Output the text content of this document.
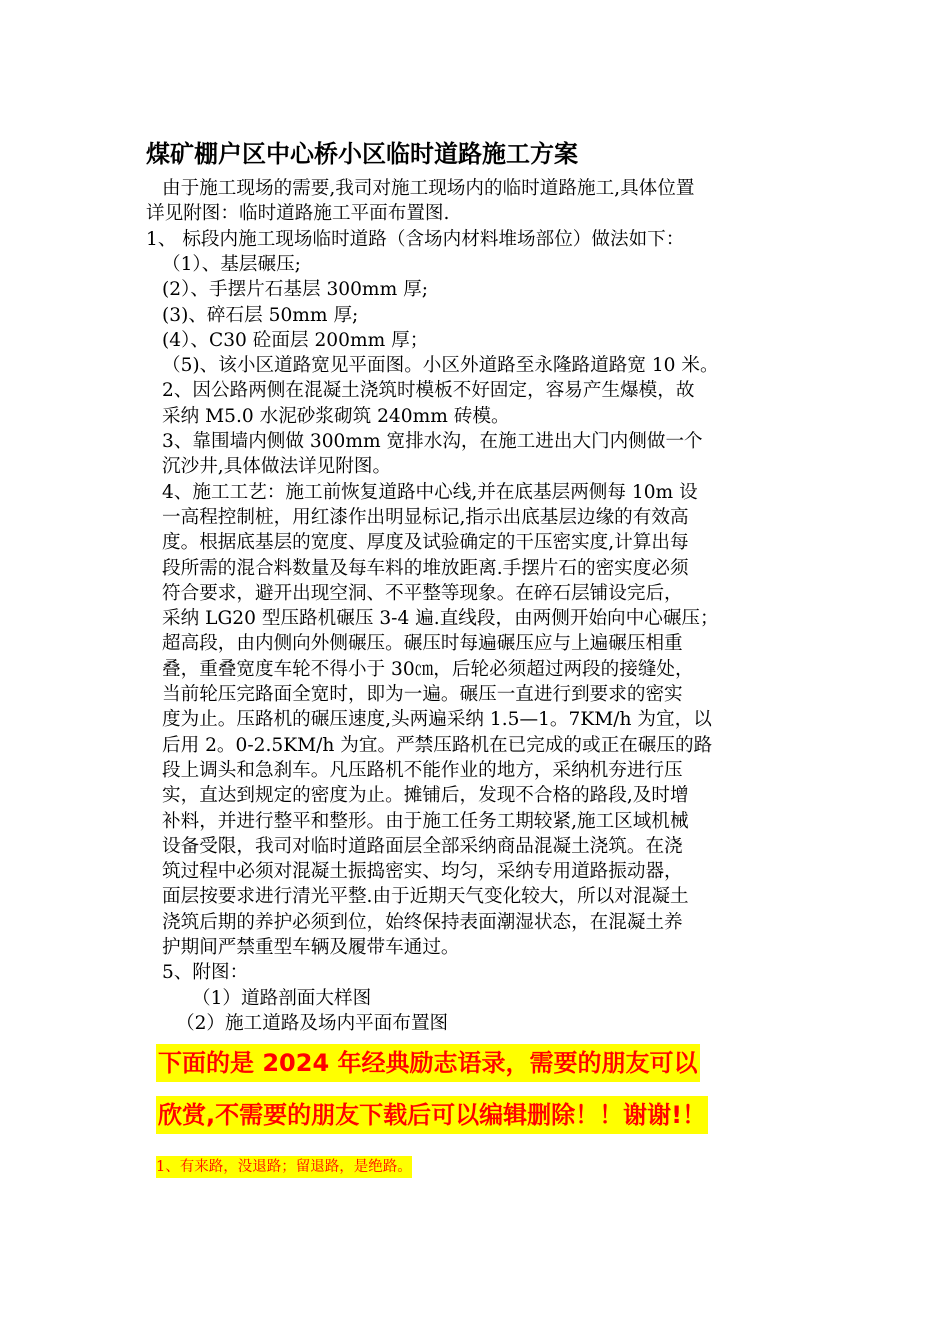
煤矿棚户区中心桥小区临时道路施工方案
由于施工现场的需要,我司对施工现场内的临时道路施工,具体位置
详见附图：临时道路施工平面布置图.
1、 标段内施工现场临时道路（含场内材料堆场部位）做法如下：
（1）、基层碾压;
(2）、手摆片石基层 300mm 厚;
(3)、碎石层 50mm 厚;
(4）、C30 砼面层 200mm 厚；
（5)、该小区道路宽见平面图。小区外道路至永隆路道路宽 10 米。
2、因公路两侧在混凝土浇筑时模板不好固定，容易产生爆模，故
采纳 M5.0 水泥砂浆砌筑 240mm 砖模。
3、靠围墙内侧做 300mm 宽排水沟，在施工进出大门内侧做一个
沉沙井,具体做法详见附图。
4、施工工艺：施工前恢复道路中心线,并在底基层两侧每 10m 设
一高程控制桩，用红漆作出明显标记,指示出底基层边缘的有效高
度。根据底基层的宽度、厚度及试验确定的干压密实度,计算出每
段所需的混合料数量及每车料的堆放距离.手摆片石的密实度必须
符合要求，避开出现空洞、不平整等现象。在碎石层铺设完后，
采纳 LG20 型压路机碾压 3-4 遍.直线段，由两侧开始向中心碾压；
超高段，由内侧向外侧碾压。碾压时每遍碾压应与上遍碾压相重
叠，重叠宽度车轮不得小于 30㎝，后轮必须超过两段的接缝处，
当前轮压完路面全宽时，即为一遍。碾压一直进行到要求的密实
度为止。压路机的碾压速度,头两遍采纳 1.5—1。7KM/h 为宜，以
后用 2。0-2.5KM/h 为宜。严禁压路机在已完成的或正在碾压的路
段上调头和急刹车。凡压路机不能作业的地方，采纳机夯进行压
实，直达到规定的密度为止。摊铺后，发现不合格的路段,及时增
补料，并进行整平和整形。由于施工任务工期较紧,施工区域机械
设备受限，我司对临时道路面层全部采纳商品混凝土浇筑。在浇
筑过程中必须对混凝土振捣密实、均匀，采纳专用道路振动器，
面层按要求进行清光平整.由于近期天气变化较大，所以对混凝土
浇筑后期的养护必须到位，始终保持表面潮湿状态，在混凝土养
护期间严禁重型车辆及履带车通过。
5、附图：
（1）道路剖面大样图
（2）施工道路及场内平面布置图
下面的是 2024 年经典励志语录，需要的朋友可以
欣赏,不需要的朋友下载后可以编辑删除！！谢谢!！
1、有来路，没退路；留退路，是绝路。
